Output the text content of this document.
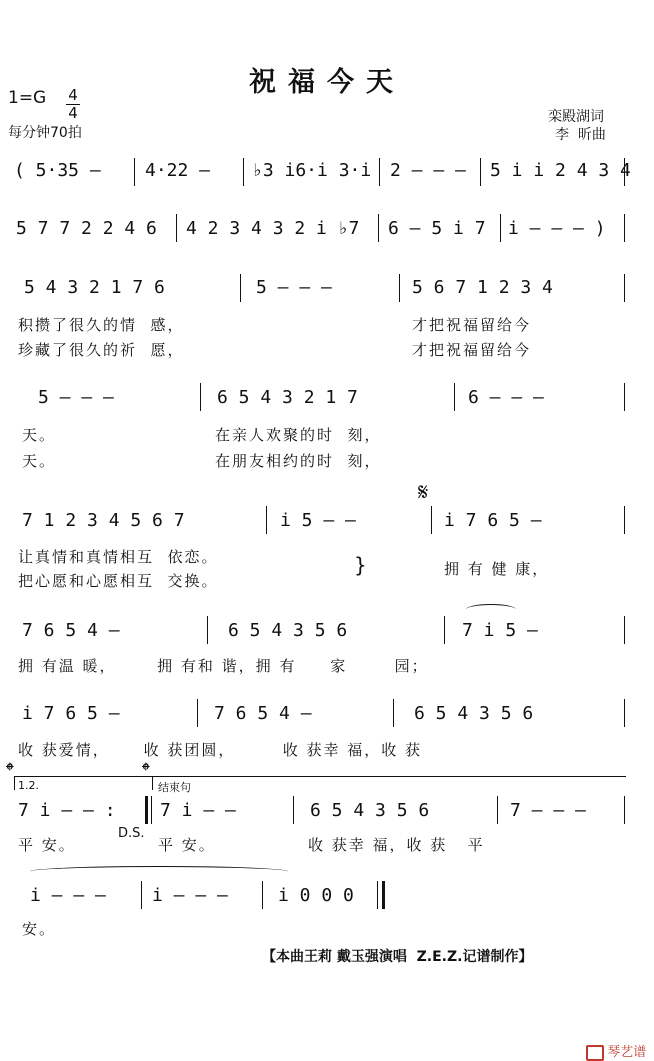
祝福今天
1=G 4
4
每分钟70拍
栾殿湖词
李  昕曲
( 5·35 – 4·22 – ♭3 i6·i 3·i 2 – – – 5 i i 2 4 3 4
5 7 7 2 2 4 6 4 2 3 4 3 2 i ♭7 6 – 5 i 7 i – – – )
5 4 3 2 1 7 6	5 – – –	5 6 7 1 2 3 4
积攒了很久的情  感，	才把祝福留给今
珍藏了很久的祈  愿，	才把祝福留给今
5 – – –	6 5 4 3 2 1 7	6 – – –
天。	在亲人欢聚的时  刻，
天。	在朋友相约的时  刻，
𝄋
7 1 2 3 4 5 6 7	i 5 – –	i 7 6 5 –
让真情和真情相互  依恋。
把心愿和心愿相互  交换。
}	拥 有 健 康，
7 6 5 4 –	6 5 4 3 5 6	7 i 5 –
拥 有温 暖，      拥 有和 谐，拥 有     家       园；
i 7 6 5 –	7 6 5 4 –	6 5 4 3 5 6
收 获爱情，     收 获团圆，       收 获幸 福，收 获
𝄌	𝄌
1.2.	结束句
7 i – – : 7 i – –	6 5 4 3 5 6	7 – – –
平 安。
D.S.
平 安。	收 获幸 福，收 获   平
i – – –	i – – –	i 0 0 0
安。
【本曲王莉 戴玉强演唱  Z.E.Z.记谱制作】

琴艺谱
